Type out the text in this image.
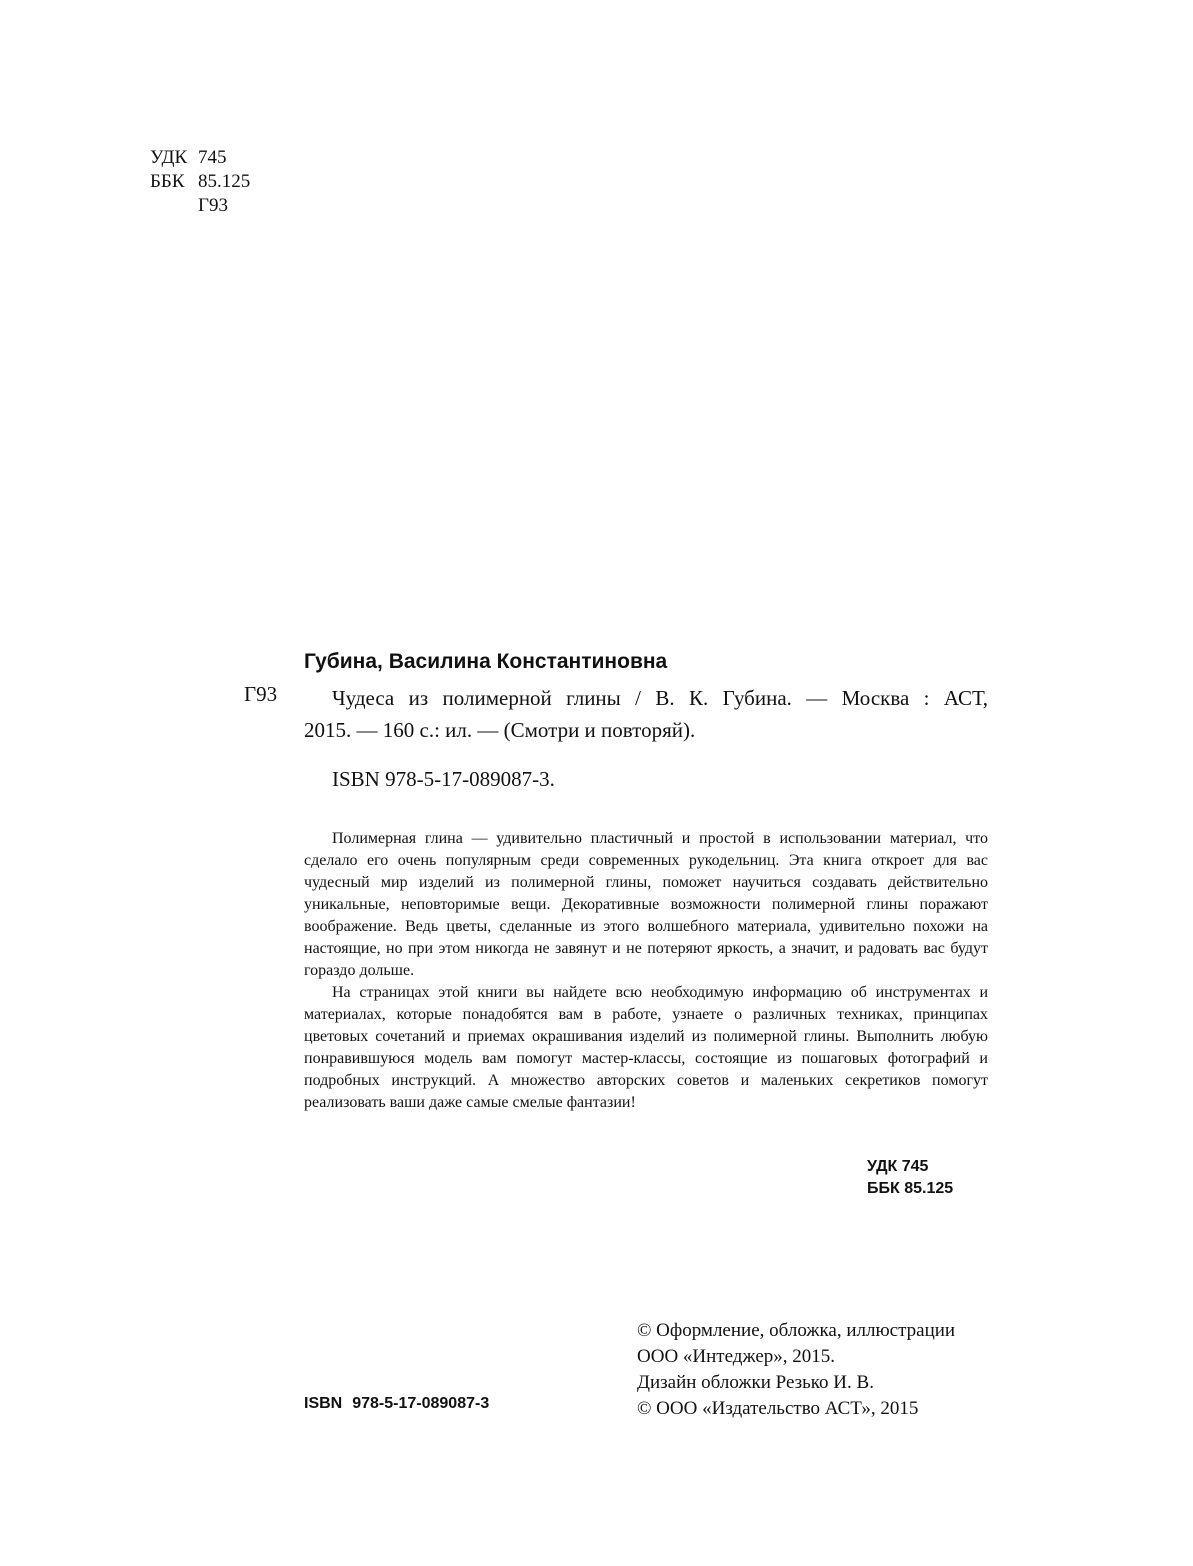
УДК 745
ББК 85.125
Г93
Губина, Василина Константиновна
Г93	Чудеса из полимерной глины / В. К. Губина. — Москва : АСТ,
2015. — 160 с.: ил. — (Смотри и повторяй).
ISBN 978-5-17-089087-3.

Полимерная глина — удивительно пластичный и простой в использовании материал, что сделало его очень популярным среди современных рукодельниц. Эта книга откроет для вас чудесный мир изделий из полимерной глины, поможет научиться создавать действительно уникальные, неповторимые вещи. Декоративные возможности полимерной глины поражают воображение. Ведь цветы, сделанные из этого волшебного материала, удивительно похожи на настоящие, но при этом никогда не завянут и не потеряют яркость, а значит, и радовать вас будут гораздо дольше.

На страницах этой книги вы найдете всю необходимую информацию об инструментах и материалах, которые понадобятся вам в работе, узнаете о различных техниках, принципах цветовых сочетаний и приемах окрашивания изделий из полимерной глины. Выполнить любую понравившуюся модель вам помогут мастер-классы, состоящие из пошаговых фотографий и подробных инструкций. А множество авторских советов и маленьких секретиков помогут реализовать ваши даже самые смелые фантазии!

УДК 745
ББК 85.125
© Оформление, обложка, иллюстрации
ООО «Интеджер», 2015.
Дизайн обложки Резько И. В.
© ООО «Издательство АСТ», 2015
ISBN 978-5-17-089087-3
